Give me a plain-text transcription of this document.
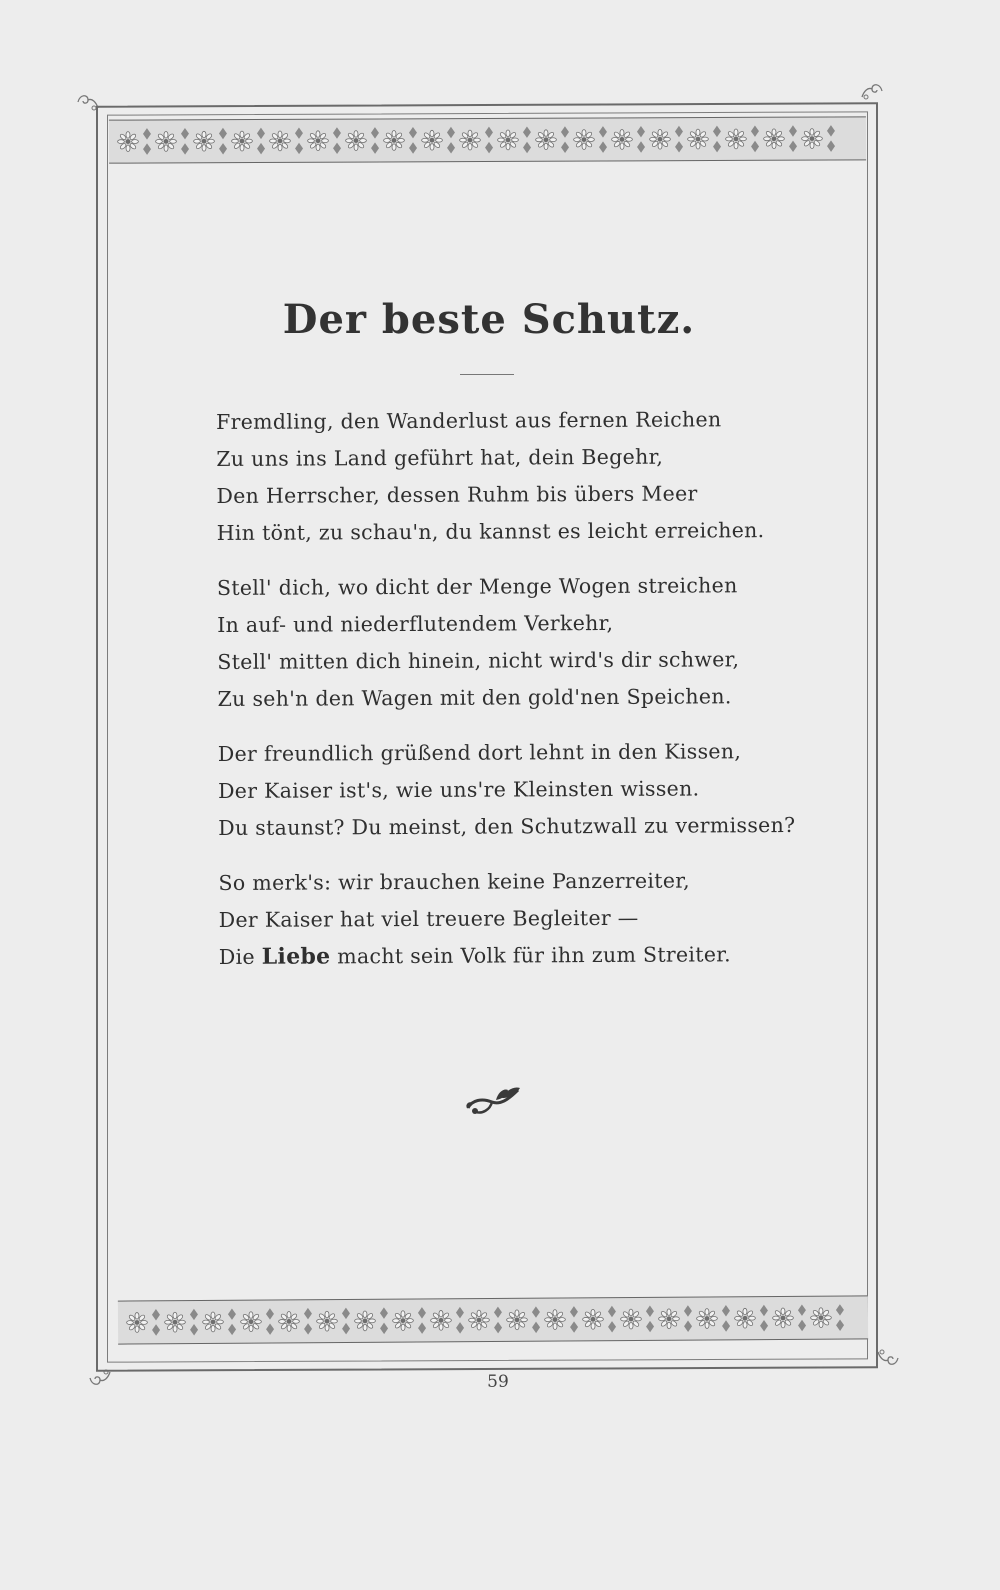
Der beste Schutz.
Fremdling, den Wanderlust aus fernen Reichen
Zu uns ins Land geführt hat, dein Begehr,
Den Herrscher, dessen Ruhm bis übers Meer
Hin tönt, zu schau'n, du kannst es leicht erreichen.
Stell' dich, wo dicht der Menge Wogen streichen
In auf- und niederflutendem Verkehr,
Stell' mitten dich hinein, nicht wird's dir schwer,
Zu seh'n den Wagen mit den gold'nen Speichen.
Der freundlich grüßend dort lehnt in den Kissen,
Der Kaiser ist's, wie uns're Kleinsten wissen.
Du staunst? Du meinst, den Schutzwall zu vermissen?
So merk's: wir brauchen keine Panzerreiter,
Der Kaiser hat viel treuere Begleiter —
Die Liebe macht sein Volk für ihn zum Streiter.
59
